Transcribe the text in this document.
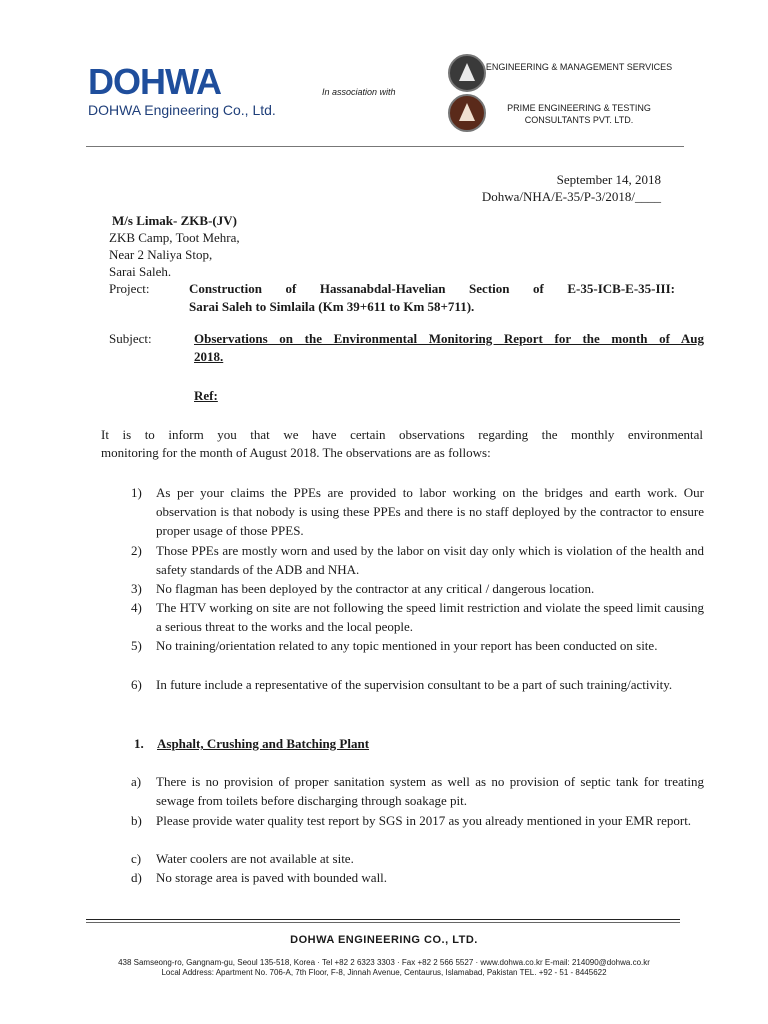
DOHWA
DOHWA Engineering Co., Ltd.
In association with
ENGINEERING & MANAGEMENT SERVICES
PRIME ENGINEERING & TESTING CONSULTANTS PVT. LTD.
September 14, 2018
Dohwa/NHA/E-35/P-3/2018/____
M/s Limak- ZKB-(JV)
ZKB Camp, Toot Mehra,
Near 2 Naliya Stop,
Sarai Saleh.
Project:	Construction of Hassanabdal-Havelian Section of E-35-ICB-E-35-III:
Sarai Saleh to Simlaila (Km 39+611 to Km 58+711).
Subject:	Observations on the Environmental Monitoring Report for the month of Aug
2018.
Ref:
It is to inform you that we have certain observations regarding the monthly environmental
monitoring for the month of August 2018. The observations are as follows:
1) As per your claims the PPEs are provided to labor working on the bridges and earth work. Our observation is that nobody is using these PPEs and there is no staff deployed by the contractor to ensure proper usage of those PPES.
2) Those PPEs are mostly worn and used by the labor on visit day only which is violation of the health and safety standards of the ADB and NHA.
3) No flagman has been deployed by the contractor at any critical / dangerous location.
4) The HTV working on site are not following the speed limit restriction and violate the speed limit causing a serious threat to the works and the local people.
5) No training/orientation related to any topic mentioned in your report has been conducted on site.
6) In future include a representative of the supervision consultant to be a part of such training/activity.
1. Asphalt, Crushing and Batching Plant
a) There is no provision of proper sanitation system as well as no provision of septic tank for treating sewage from toilets before discharging through soakage pit.
b) Please provide water quality test report by SGS in 2017 as you already mentioned in your EMR report.
c) Water coolers are not available at site.
d) No storage area is paved with bounded wall.
DOHWA ENGINEERING CO., LTD.
438 Samseong-ro, Gangnam-gu, Seoul 135-518, Korea · Tel +82 2 6323 3303 · Fax +82 2 566 5527 · www.dohwa.co.kr E-mail: 214090@dohwa.co.kr
Local Address: Apartment No. 706-A, 7th Floor, F-8, Jinnah Avenue, Centaurus, Islamabad, Pakistan TEL. +92 - 51 - 8445622
